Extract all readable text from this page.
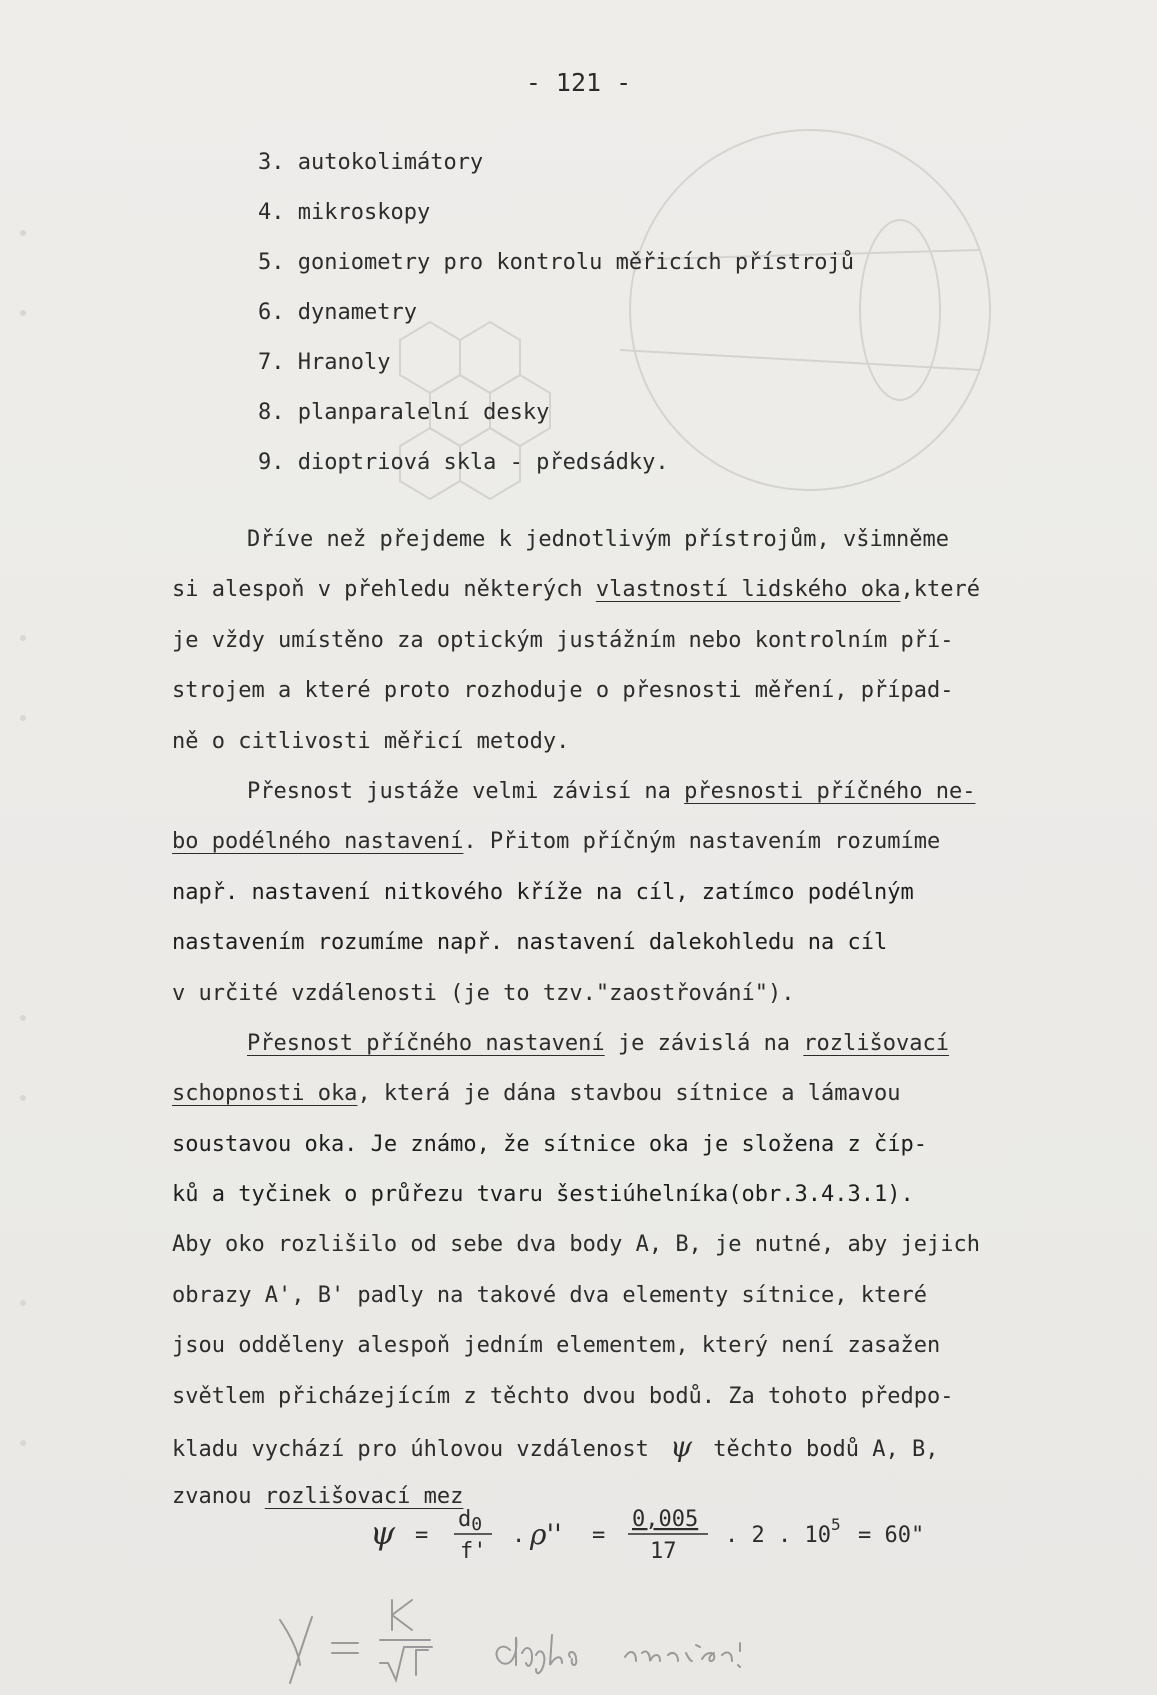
- 121 -
3. autokolimátory
4. mikroskopy
5. goniometry pro kontrolu měřicích přístrojů
6. dynametry
7. Hranoly
8. planparalelní desky
9. dioptriová skla - předsádky.
Dříve než přejdeme k jednotlivým přístrojům, všimněme
si alespoň v přehledu některých vlastností lidského oka,které
je vždy umístěno za optickým justážním nebo kontrolním pří-
strojem a které proto rozhoduje o přesnosti měření, případ-
ně o citlivosti měřicí metody.
Přesnost justáže velmi závisí na přesnosti příčného ne-
bo podélného nastavení. Přitom příčným nastavením rozumíme
např. nastavení nitkového kříže na cíl, zatímco podélným
nastavením rozumíme např. nastavení dalekohledu na cíl
v určité vzdálenosti (je to tzv."zaostřování").
Přesnost příčného nastavení je závislá na rozlišovací
schopnosti oka, která je dána stavbou sítnice a lámavou
soustavou oka. Je známo, že sítnice oka je složena z číp-
ků a tyčinek o průřezu tvaru šestiúhelníka(obr.3.4.3.1).
Aby oko rozlišilo od sebe dva body A, B, je nutné, aby jejich
obrazy A', B' padly na takové dva elementy sítnice, které
jsou odděleny alespoň jedním elementem, který není zasažen
světlem přicházejícím z těchto dvou bodů. Za tohoto předpo-
kladu vychází pro úhlovou vzdálenost ψ těchto bodů A, B,
zvanou rozlišovací mez
ψ =
d0
f'
. ρ'' =
0,005
17
. 2 . $10^5 = 60$"
